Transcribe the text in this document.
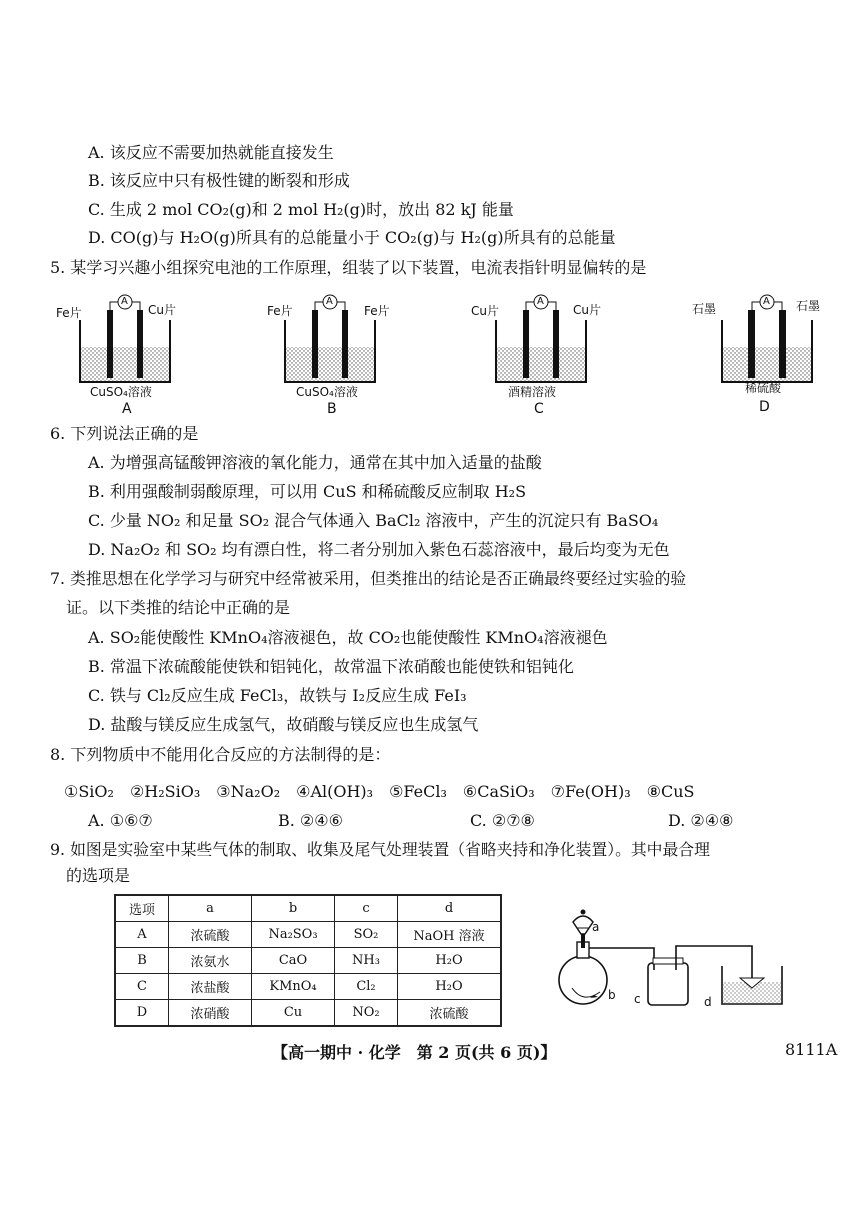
A. 该反应不需要加热就能直接发生
B. 该反应中只有极性键的断裂和形成
C. 生成 2 mol CO₂(g)和 2 mol H₂(g)时，放出 82 kJ 能量
D. CO(g)与 H₂O(g)所具有的总能量小于 CO₂(g)与 H₂(g)所具有的总能量
5. 某学习兴趣小组探究电池的工作原理，组装了以下装置，电流表指针明显偏转的是
A	A	A	A
Fe片	Cu片
CuSO₄溶液
A
Fe片	Fe片
CuSO₄溶液
B
Cu片	Cu片
酒精溶液
C
石墨	石墨
稀硫酸
D
6. 下列说法正确的是
A. 为增强高锰酸钾溶液的氧化能力，通常在其中加入适量的盐酸
B. 利用强酸制弱酸原理，可以用 CuS 和稀硫酸反应制取 H₂S
C. 少量 NO₂ 和足量 SO₂ 混合气体通入 BaCl₂ 溶液中，产生的沉淀只有 BaSO₄
D. Na₂O₂ 和 SO₂ 均有漂白性，将二者分别加入紫色石蕊溶液中，最后均变为无色
7. 类推思想在化学学习与研究中经常被采用，但类推出的结论是否正确最终要经过实验的验
证。以下类推的结论中正确的是
A. SO₂能使酸性 KMnO₄溶液褪色，故 CO₂也能使酸性 KMnO₄溶液褪色
B. 常温下浓硫酸能使铁和铝钝化，故常温下浓硝酸也能使铁和铝钝化
C. 铁与 Cl₂反应生成 FeCl₃，故铁与 I₂反应生成 FeI₃
D. 盐酸与镁反应生成氢气，故硝酸与镁反应也生成氢气
8. 下列物质中不能用化合反应的方法制得的是：
①SiO₂　②H₂SiO₃　③Na₂O₂　④Al(OH)₃　⑤FeCl₃　⑥CaSiO₃　⑦Fe(OH)₃　⑧CuS
A. ①⑥⑦	B. ②④⑥	C. ②⑦⑧	D. ②④⑧
9. 如图是实验室中某些气体的制取、收集及尾气处理装置（省略夹持和净化装置）。其中最合理
的选项是
选项	a	b	c	d
A	浓硫酸	Na₂SO₃	SO₂	NaOH 溶液
B	浓氨水	CaO	NH₃	H₂O
C	浓盐酸	KMnO₄	Cl₂	H₂O
D	浓硝酸	Cu	NO₂	浓硫酸
a
b c	d
【高一期中 · 化学　第 2 页(共 6 页)】	8111A
